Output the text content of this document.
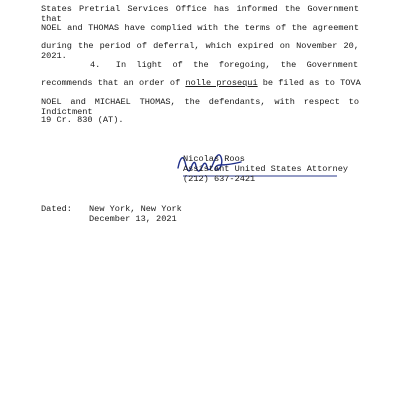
States Pretrial Services Office has informed the Government that
NOEL and THOMAS have complied with the terms of the agreement
during the period of deferral, which expired on November 20, 2021.
4.   In  light  of  the  foregoing,  the  Government
recommends that an order of nolle prosequi be filed as to TOVA
NOEL and MICHAEL THOMAS, the defendants, with respect to Indictment
19 Cr. 830 (AT).
Nicolas Roos
Assistant United States Attorney
(212) 637-2421
Dated: New York, New York
December 13, 2021
